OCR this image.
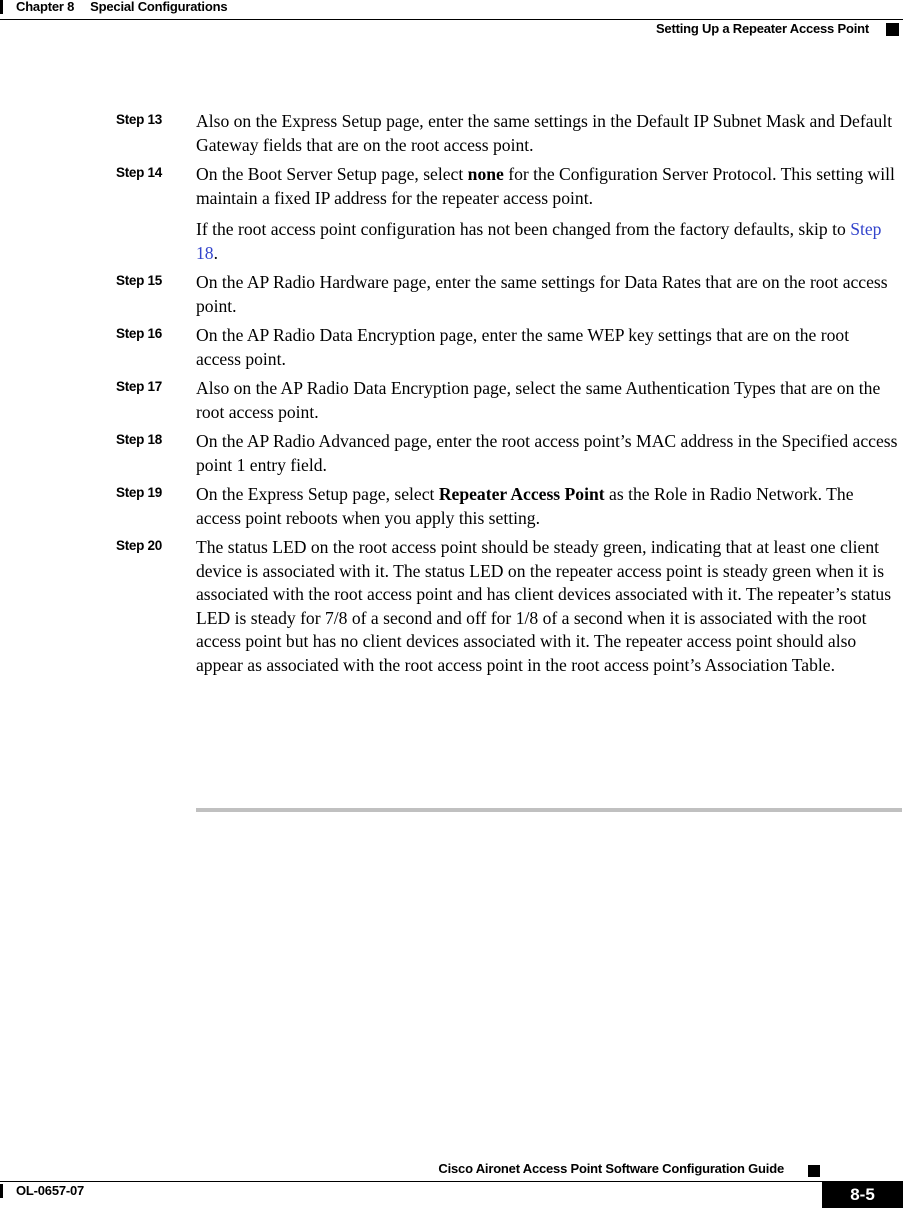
Chapter 8 Special Configurations
Setting Up a Repeater Access Point
Step 13 Also on the Express Setup page, enter the same settings in the Default IP Subnet Mask and Default Gateway fields that are on the root access point.
Step 14 On the Boot Server Setup page, select none for the Configuration Server Protocol. This setting will maintain a fixed IP address for the repeater access point.
If the root access point configuration has not been changed from the factory defaults, skip to Step 18.
Step 15 On the AP Radio Hardware page, enter the same settings for Data Rates that are on the root access point.
Step 16 On the AP Radio Data Encryption page, enter the same WEP key settings that are on the root access point.
Step 17 Also on the AP Radio Data Encryption page, select the same Authentication Types that are on the root access point.
Step 18 On the AP Radio Advanced page, enter the root access point’s MAC address in the Specified access point 1 entry field.
Step 19 On the Express Setup page, select Repeater Access Point as the Role in Radio Network. The access point reboots when you apply this setting.
Step 20 The status LED on the root access point should be steady green, indicating that at least one client device is associated with it. The status LED on the repeater access point is steady green when it is associated with the root access point and has client devices associated with it. The repeater’s status LED is steady for 7/8 of a second and off for 1/8 of a second when it is associated with the root access point but has no client devices associated with it. The repeater access point should also appear as associated with the root access point in the root access point’s Association Table.
Cisco Aironet Access Point Software Configuration Guide
OL-0657-07	8-5
